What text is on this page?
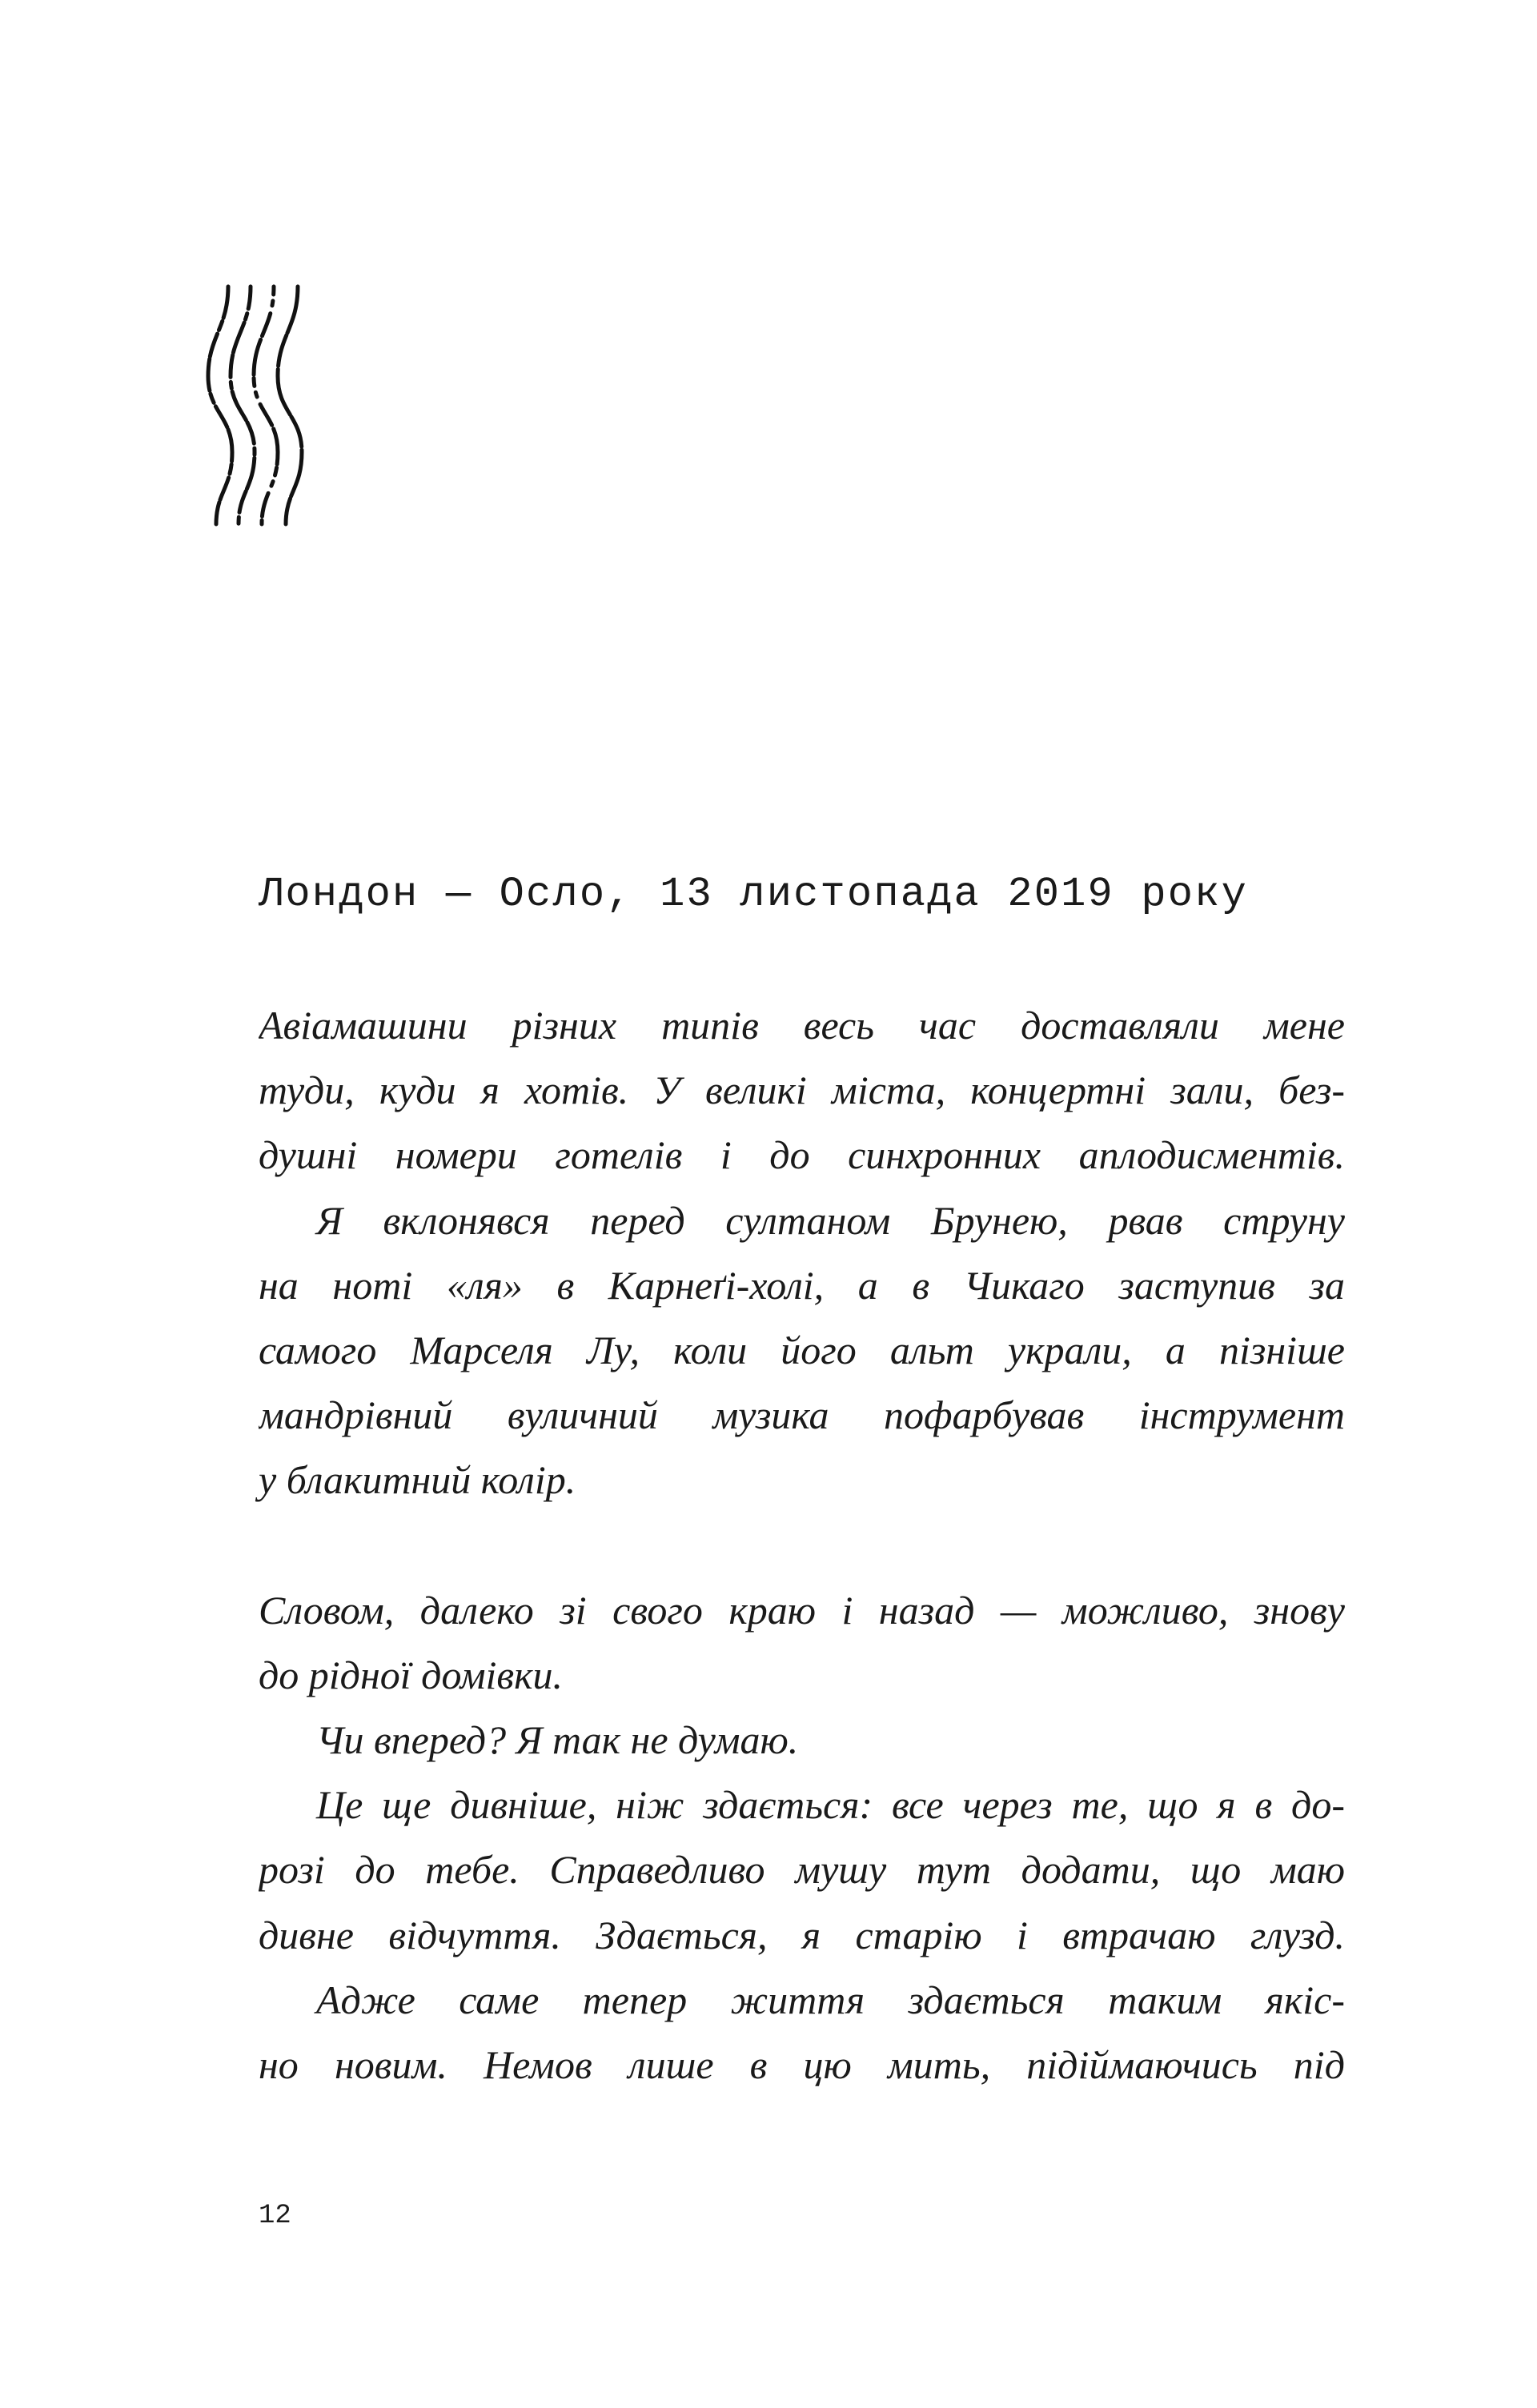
Лондон — Осло, 13 листопада 2019 року
Авіамашини різних типів весь час доставляли мене
туди, куди я хотів. У великі міста, концертні зали, без-
душні номери готелів і до синхронних аплодисментів.
Я вклонявся перед султаном Брунею, рвав струну
на ноті «ля» в Карнеґі-холі, а в Чикаго заступив за
самого Марселя Лу, коли його альт украли, а пізніше
мандрівний вуличний музика пофарбував інструмент
у блакитний колір.
Словом, далеко зі свого краю і назад — можливо, знову
до рідної домівки.
Чи вперед? Я так не думаю.
Це ще дивніше, ніж здається: все через те, що я в до-
розі до тебе. Справедливо мушу тут додати, що маю
дивне відчуття. Здається, я старію і втрачаю глузд.
Адже саме тепер життя здається таким якіс-
но новим. Немов лише в цю мить, підіймаючись під
12
